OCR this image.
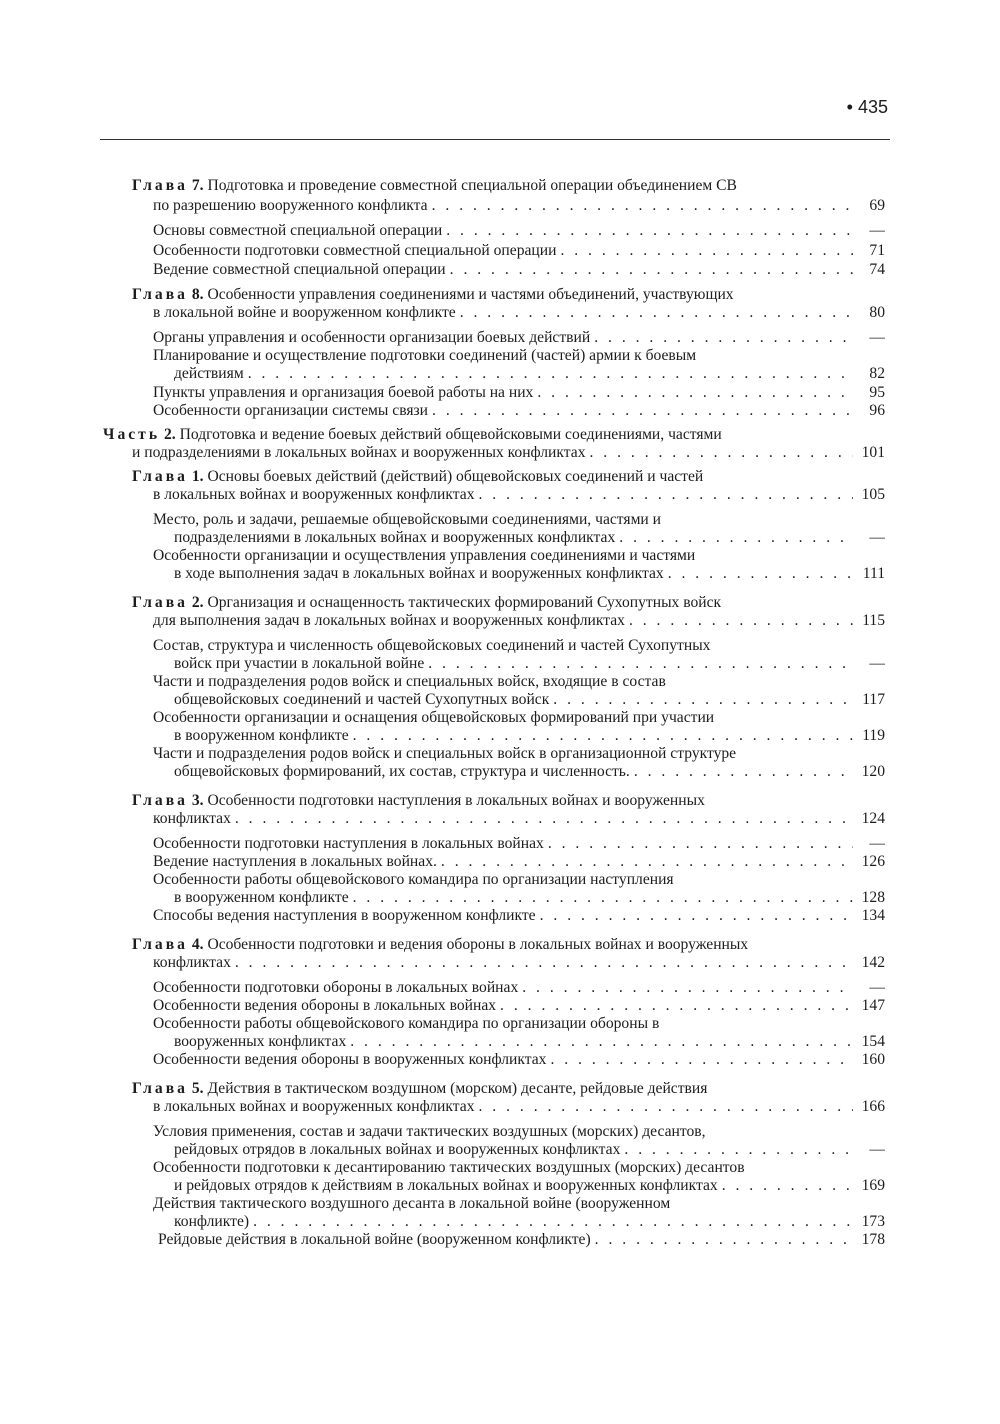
• 435
Глава 7. Подготовка и проведение совместной специальной операции объединением СВ
по разрешению вооруженного конфликта . . .	69
Основы совместной специальной операции . . .	—
Особенности подготовки совместной специальной операции . . .	71
Ведение совместной специальной операции . . .	74
Глава 8. Особенности управления соединениями и частями объединений, участвующих
в локальной войне и вооруженном конфликте . . .	80
Органы управления и особенности организации боевых действий . . .	—
Планирование и осуществление подготовки соединений (частей) армии к боевым
действиям . . .	82
Пункты управления и организация боевой работы на них . . .	95
Особенности организации системы связи . . .	96
Часть 2. Подготовка и ведение боевых действий общевойсковыми соединениями, частями
и подразделениями в локальных войнах и вооруженных конфликтах . . .	101
Глава 1. Основы боевых действий (действий) общевойсковых соединений и частей
в локальных войнах и вооруженных конфликтах . . .	105
Место, роль и задачи, решаемые общевойсковыми соединениями, частями и
подразделениями в локальных войнах и вооруженных конфликтах . . .	—
Особенности организации и осуществления управления соединениями и частями
в ходе выполнения задач в локальных войнах и вооруженных конфликтах . . .	111
Глава 2. Организация и оснащенность тактических формирований Сухопутных войск
для выполнения задач в локальных войнах и вооруженных конфликтах . . .	115
Состав, структура и численность общевойсковых соединений и частей Сухопутных
войск при участии в локальной войне . . .	—
Части и подразделения родов войск и специальных войск, входящие в состав
общевойсковых соединений и частей Сухопутных войск . . .	117
Особенности организации и оснащения общевойсковых формирований при участии
в вооруженном конфликте . . .	119
Части и подразделения родов войск и специальных войск в организационной структуре
общевойсковых формирований, их состав, структура и численность. . . .	120
Глава 3. Особенности подготовки наступления в локальных войнах и вооруженных
конфликтах . . .	124
Особенности подготовки наступления в локальных войнах . . .	—
Ведение наступления в локальных войнах. . . .	126
Особенности работы общевойскового командира по организации наступления
в вооруженном конфликте . . .	128
Способы ведения наступления в вооруженном конфликте . . .	134
Глава 4. Особенности подготовки и ведения обороны в локальных войнах и вооруженных
конфликтах . . .	142
Особенности подготовки обороны в локальных войнах . . .	—
Особенности ведения обороны в локальных войнах . . .	147
Особенности работы общевойскового командира по организации обороны в
вооруженных конфликтах . . .	154
Особенности ведения обороны в вооруженных конфликтах . . .	160
Глава 5. Действия в тактическом воздушном (морском) десанте, рейдовые действия
в локальных войнах и вооруженных конфликтах . . .	166
Условия применения, состав и задачи тактических воздушных (морских) десантов,
рейдовых отрядов в локальных войнах и вооруженных конфликтах . . .	—
Особенности подготовки к десантированию тактических воздушных (морских) десантов
и рейдовых отрядов к действиям в локальных войнах и вооруженных конфликтах . . .	169
Действия тактического воздушного десанта в локальной войне (вооруженном
конфликте) . . .	173
Рейдовые действия в локальной войне (вооруженном конфликте) . . .	178
